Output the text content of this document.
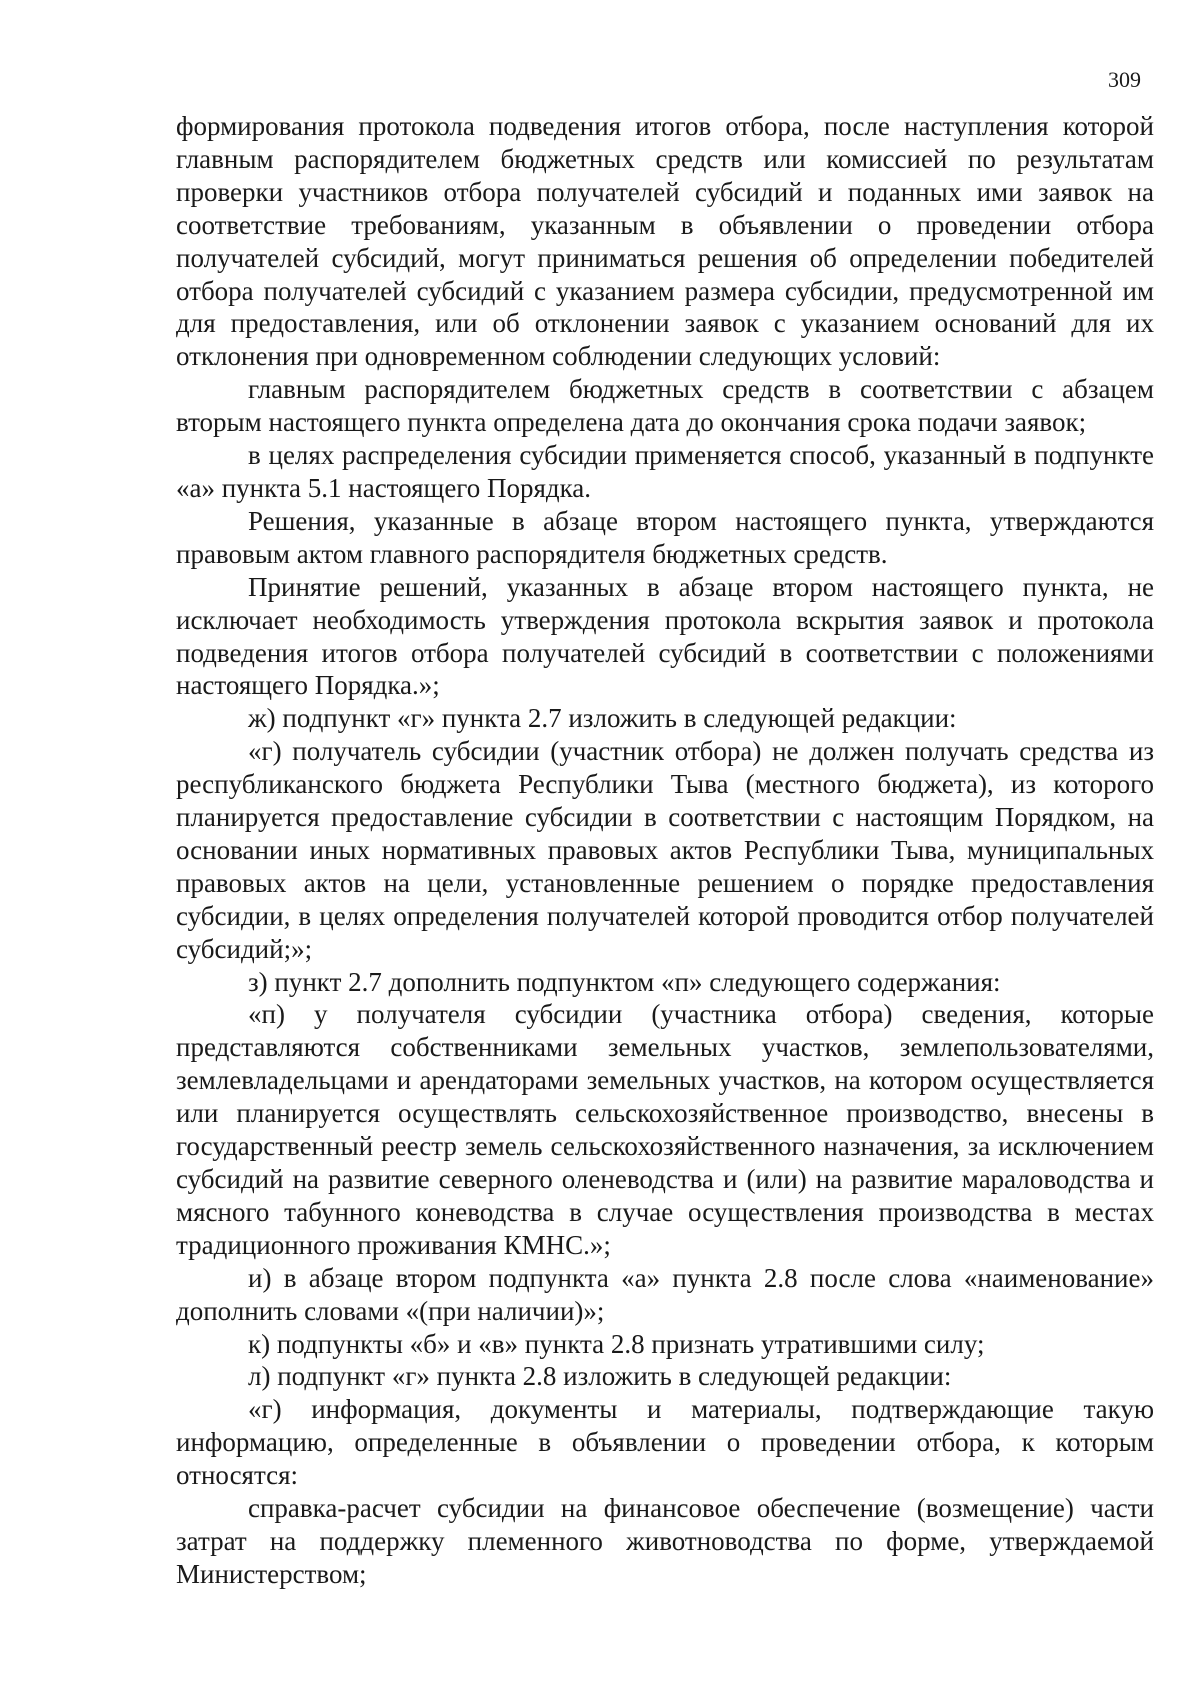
309

формирования протокола подведения итогов отбора, после наступления которой главным распорядителем бюджетных средств или комиссией по результатам проверки участников отбора получателей субсидий и поданных ими заявок на соответствие требованиям, указанным в объявлении о проведении отбора получателей субсидий, могут приниматься решения об определении победителей отбора получателей субсидий с указанием размера субсидии, предусмотренной им для предоставления, или об отклонении заявок с указанием оснований для их отклонения при одновременном соблюдении следующих условий:

главным распорядителем бюджетных средств в соответствии с абзацем вторым настоящего пункта определена дата до окончания срока подачи заявок;

в целях распределения субсидии применяется способ, указанный в подпункте «а» пункта 5.1 настоящего Порядка.

Решения, указанные в абзаце втором настоящего пункта, утверждаются правовым актом главного распорядителя бюджетных средств.

Принятие решений, указанных в абзаце втором настоящего пункта, не исключает необходимость утверждения протокола вскрытия заявок и протокола подведения итогов отбора получателей субсидий в соответствии с положениями настоящего Порядка.»;

ж) подпункт «г» пункта 2.7 изложить в следующей редакции:

«г) получатель субсидии (участник отбора) не должен получать средства из республиканского бюджета Республики Тыва (местного бюджета), из которого планируется предоставление субсидии в соответствии с настоящим Порядком, на основании иных нормативных правовых актов Республики Тыва, муниципальных правовых актов на цели, установленные решением о порядке предоставления субсидии, в целях определения получателей которой проводится отбор получателей субсидий;»;

з) пункт 2.7 дополнить подпунктом «п» следующего содержания:

«п) у получателя субсидии (участника отбора) сведения, которые представляются собственниками земельных участков, землепользователями, землевладельцами и арендаторами земельных участков, на котором осуществляется или планируется осуществлять сельскохозяйственное производство, внесены в государственный реестр земель сельскохозяйственного назначения, за исключением субсидий на развитие северного оленеводства и (или) на развитие мараловодства и мясного табунного коневодства в случае осуществления производства в местах традиционного проживания КМНС.»;

и) в абзаце втором подпункта «а» пункта 2.8 после слова «наименование» дополнить словами «(при наличии)»;

к) подпункты «б» и «в» пункта 2.8 признать утратившими силу;

л) подпункт «г» пункта 2.8 изложить в следующей редакции:

«г) информация, документы и материалы, подтверждающие такую информацию, определенные в объявлении о проведении отбора, к которым относятся:

справка-расчет субсидии на финансовое обеспечение (возмещение) части затрат на поддержку племенного животноводства по форме, утверждаемой Министерством;
